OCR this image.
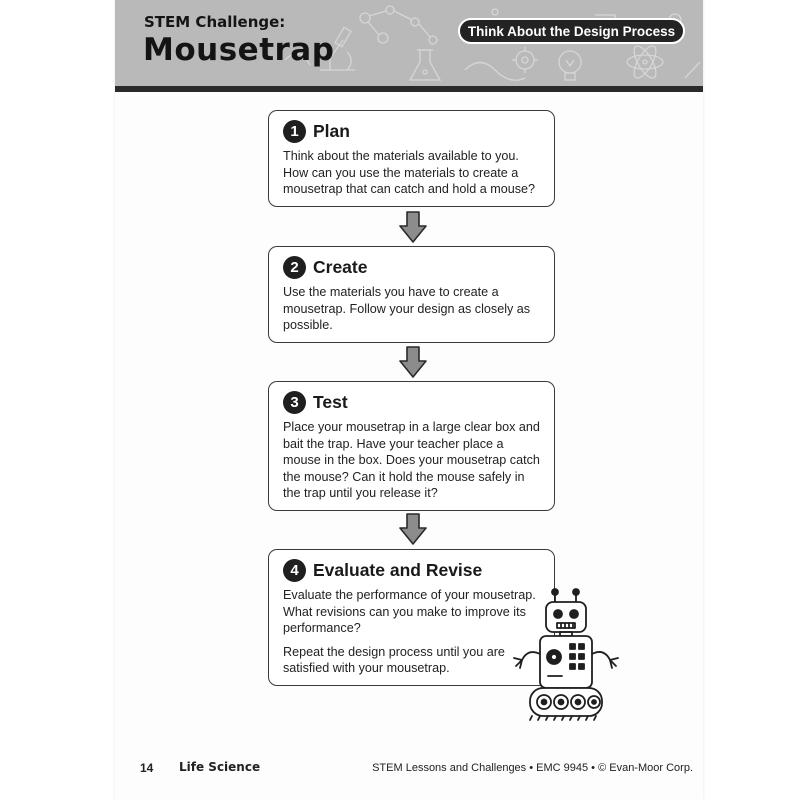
STEM Challenge:
Mousetrap
Think About the Design Process
1 Plan

Think about the materials available to you. How can you use the materials to create a mousetrap that can catch and hold a mouse?

2 Create

Use the materials you have to create a mousetrap. Follow your design as closely as possible.

3 Test

Place your mousetrap in a large clear box and bait the trap. Have your teacher place a mouse in the box. Does your mousetrap catch the mouse? Can it hold the mouse safely in the trap until you release it?

4 Evaluate and Revise

Evaluate the performance of your mousetrap. What revisions can you make to improve its performance?

Repeat the design process until you are satisfied with your mousetrap.

14 Life Science	STEM Lessons and Challenges • EMC 9945 • © Evan-Moor Corp.
